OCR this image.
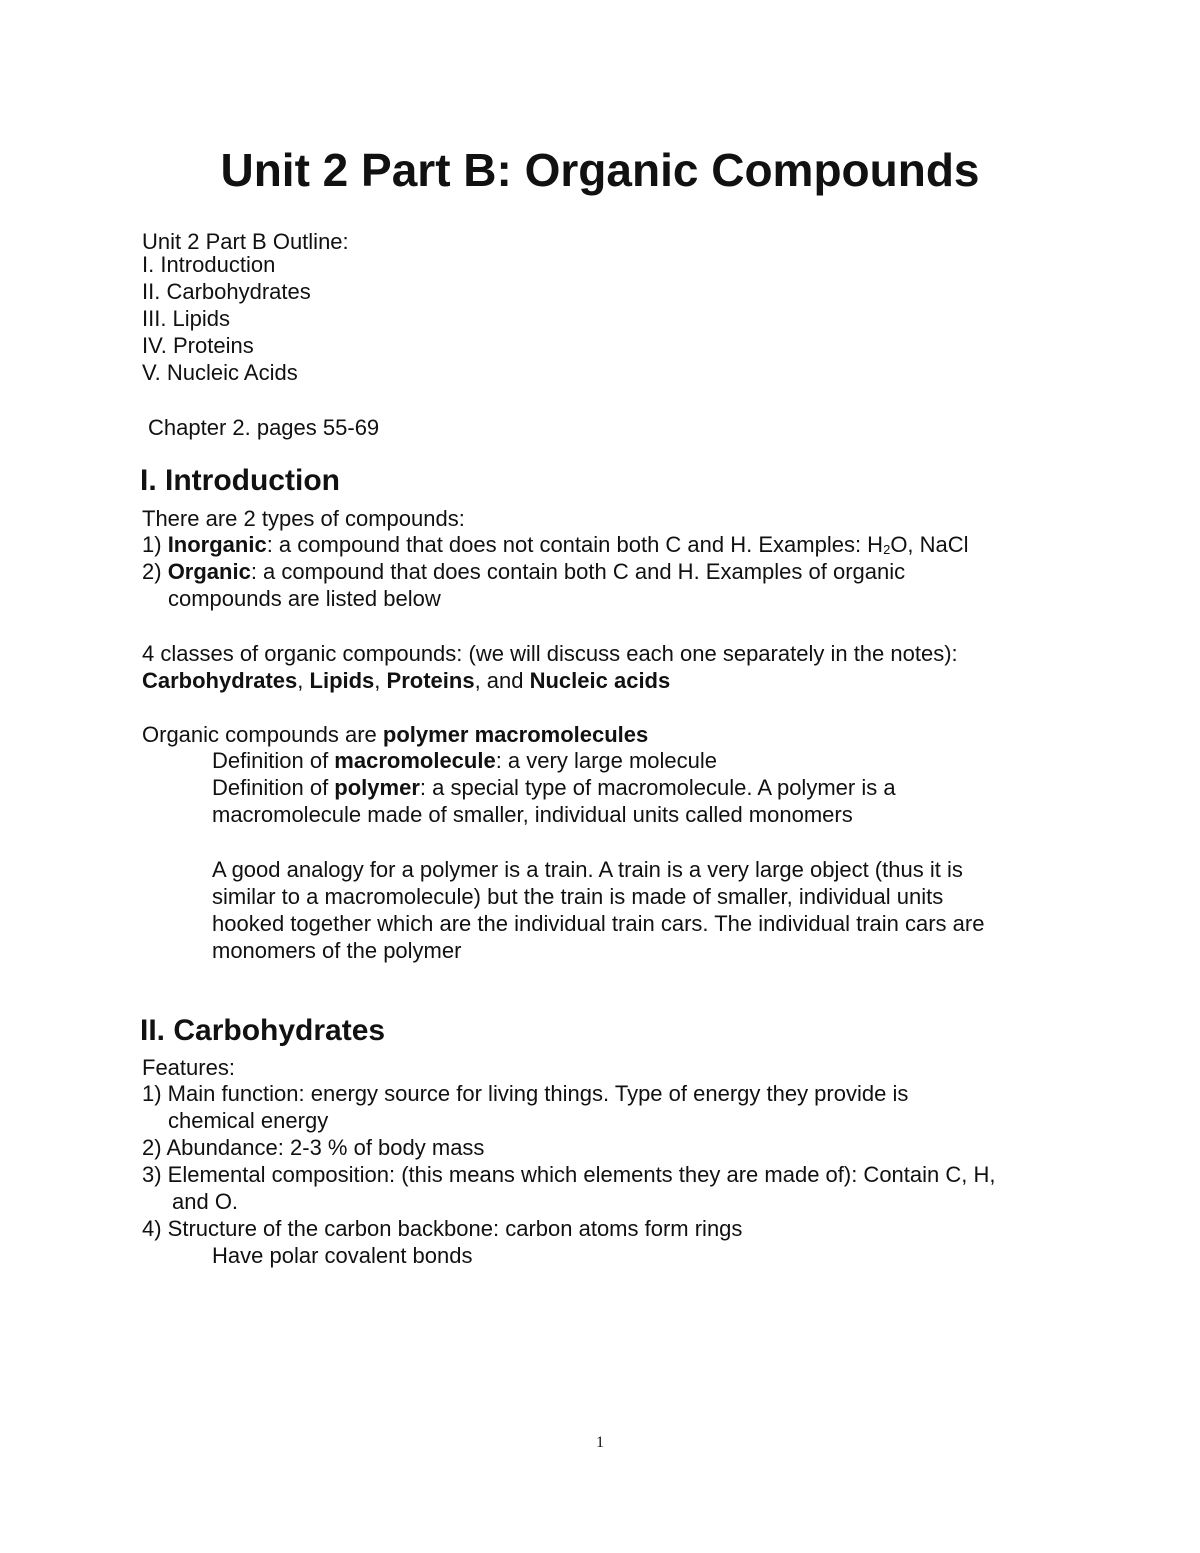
Unit 2 Part B: Organic Compounds
Unit 2 Part B Outline:
I. Introduction
II. Carbohydrates
III. Lipids
IV. Proteins
V. Nucleic Acids
Chapter 2. pages 55-69
I. Introduction
There are 2 types of compounds:
1) Inorganic: a compound that does not contain both C and H. Examples: $H_2O$, NaCl
2) Organic: a compound that does contain both C and H. Examples of organic
compounds are listed below
4 classes of organic compounds: (we will discuss each one separately in the notes):
Carbohydrates, Lipids, Proteins, and Nucleic acids
Organic compounds are polymer macromolecules
Definition of macromolecule: a very large molecule
Definition of polymer: a special type of macromolecule. A polymer is a
macromolecule made of smaller, individual units called monomers
A good analogy for a polymer is a train. A train is a very large object (thus it is
similar to a macromolecule) but the train is made of smaller, individual units
hooked together which are the individual train cars. The individual train cars are
monomers of the polymer
II. Carbohydrates
Features:
1) Main function: energy source for living things. Type of energy they provide is
chemical energy
2) Abundance: 2-3 % of body mass
3) Elemental composition: (this means which elements they are made of): Contain C, H,
and O.
4) Structure of the carbon backbone: carbon atoms form rings
Have polar covalent bonds
1
